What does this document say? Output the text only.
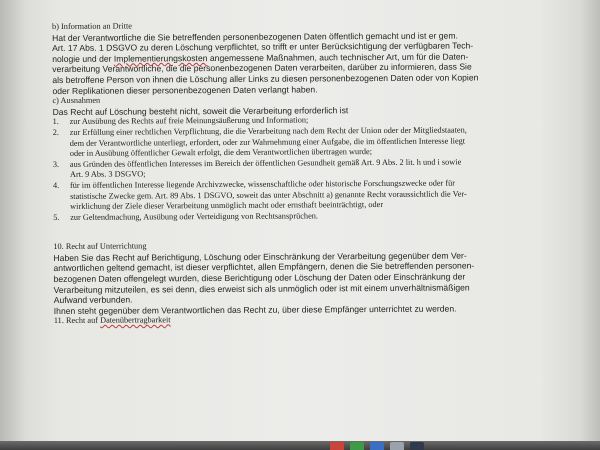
b) Information an Dritte
Hat der Verantwortliche die Sie betreffenden personenbezogenen Daten öffentlich gemacht und ist er gem.
Art. 17 Abs. 1 DSGVO zu deren Löschung verpflichtet, so trifft er unter Berücksichtigung der verfügbaren Tech-
nologie und der Implementierungskosten angemessene Maßnahmen, auch technischer Art, um für die Daten-
verarbeitung Verantwortliche, die die personenbezogenen Daten verarbeiten, darüber zu informieren, dass Sie
als betroffene Person von ihnen die Löschung aller Links zu diesen personenbezogenen Daten oder von Kopien
oder Replikationen dieser personenbezogenen Daten verlangt haben.
c) Ausnahmen
Das Recht auf Löschung besteht nicht, soweit die Verarbeitung erforderlich ist
1.	zur Ausübung des Rechts auf freie Meinungsäußerung und Information;
2.	zur Erfüllung einer rechtlichen Verpflichtung, die die Verarbeitung nach dem Recht der Union oder der Mitgliedstaaten,
dem der Verantwortliche unterliegt, erfordert, oder zur Wahrnehmung einer Aufgabe, die im öffentlichen Interesse liegt
oder in Ausübung öffentlicher Gewalt erfolgt, die dem Verantwortlichen übertragen wurde;
3.	aus Gründen des öffentlichen Interesses im Bereich der öffentlichen Gesundheit gemäß Art. 9 Abs. 2 lit. h und i sowie
Art. 9 Abs. 3 DSGVO;
4.	für im öffentlichen Interesse liegende Archivzwecke, wissenschaftliche oder historische Forschungszwecke oder für
statistische Zwecke gem. Art. 89 Abs. 1 DSGVO, soweit das unter Abschnitt a) genannte Recht voraussichtlich die Ver-
wirklichung der Ziele dieser Verarbeitung unmöglich macht oder ernsthaft beeinträchtigt, oder
5.	zur Geltendmachung, Ausübung oder Verteidigung von Rechtsansprüchen.
10. Recht auf Unterrichtung
Haben Sie das Recht auf Berichtigung, Löschung oder Einschränkung der Verarbeitung gegenüber dem Ver-
antwortlichen geltend gemacht, ist dieser verpflichtet, allen Empfängern, denen die Sie betreffenden personen-
bezogenen Daten offengelegt wurden, diese Berichtigung oder Löschung der Daten oder Einschränkung der
Verarbeitung mitzuteilen, es sei denn, dies erweist sich als unmöglich oder ist mit einem unverhältnismäßigen
Aufwand verbunden.
Ihnen steht gegenüber dem Verantwortlichen das Recht zu, über diese Empfänger unterrichtet zu werden.
11. Recht auf Datenübertragbarkeit
